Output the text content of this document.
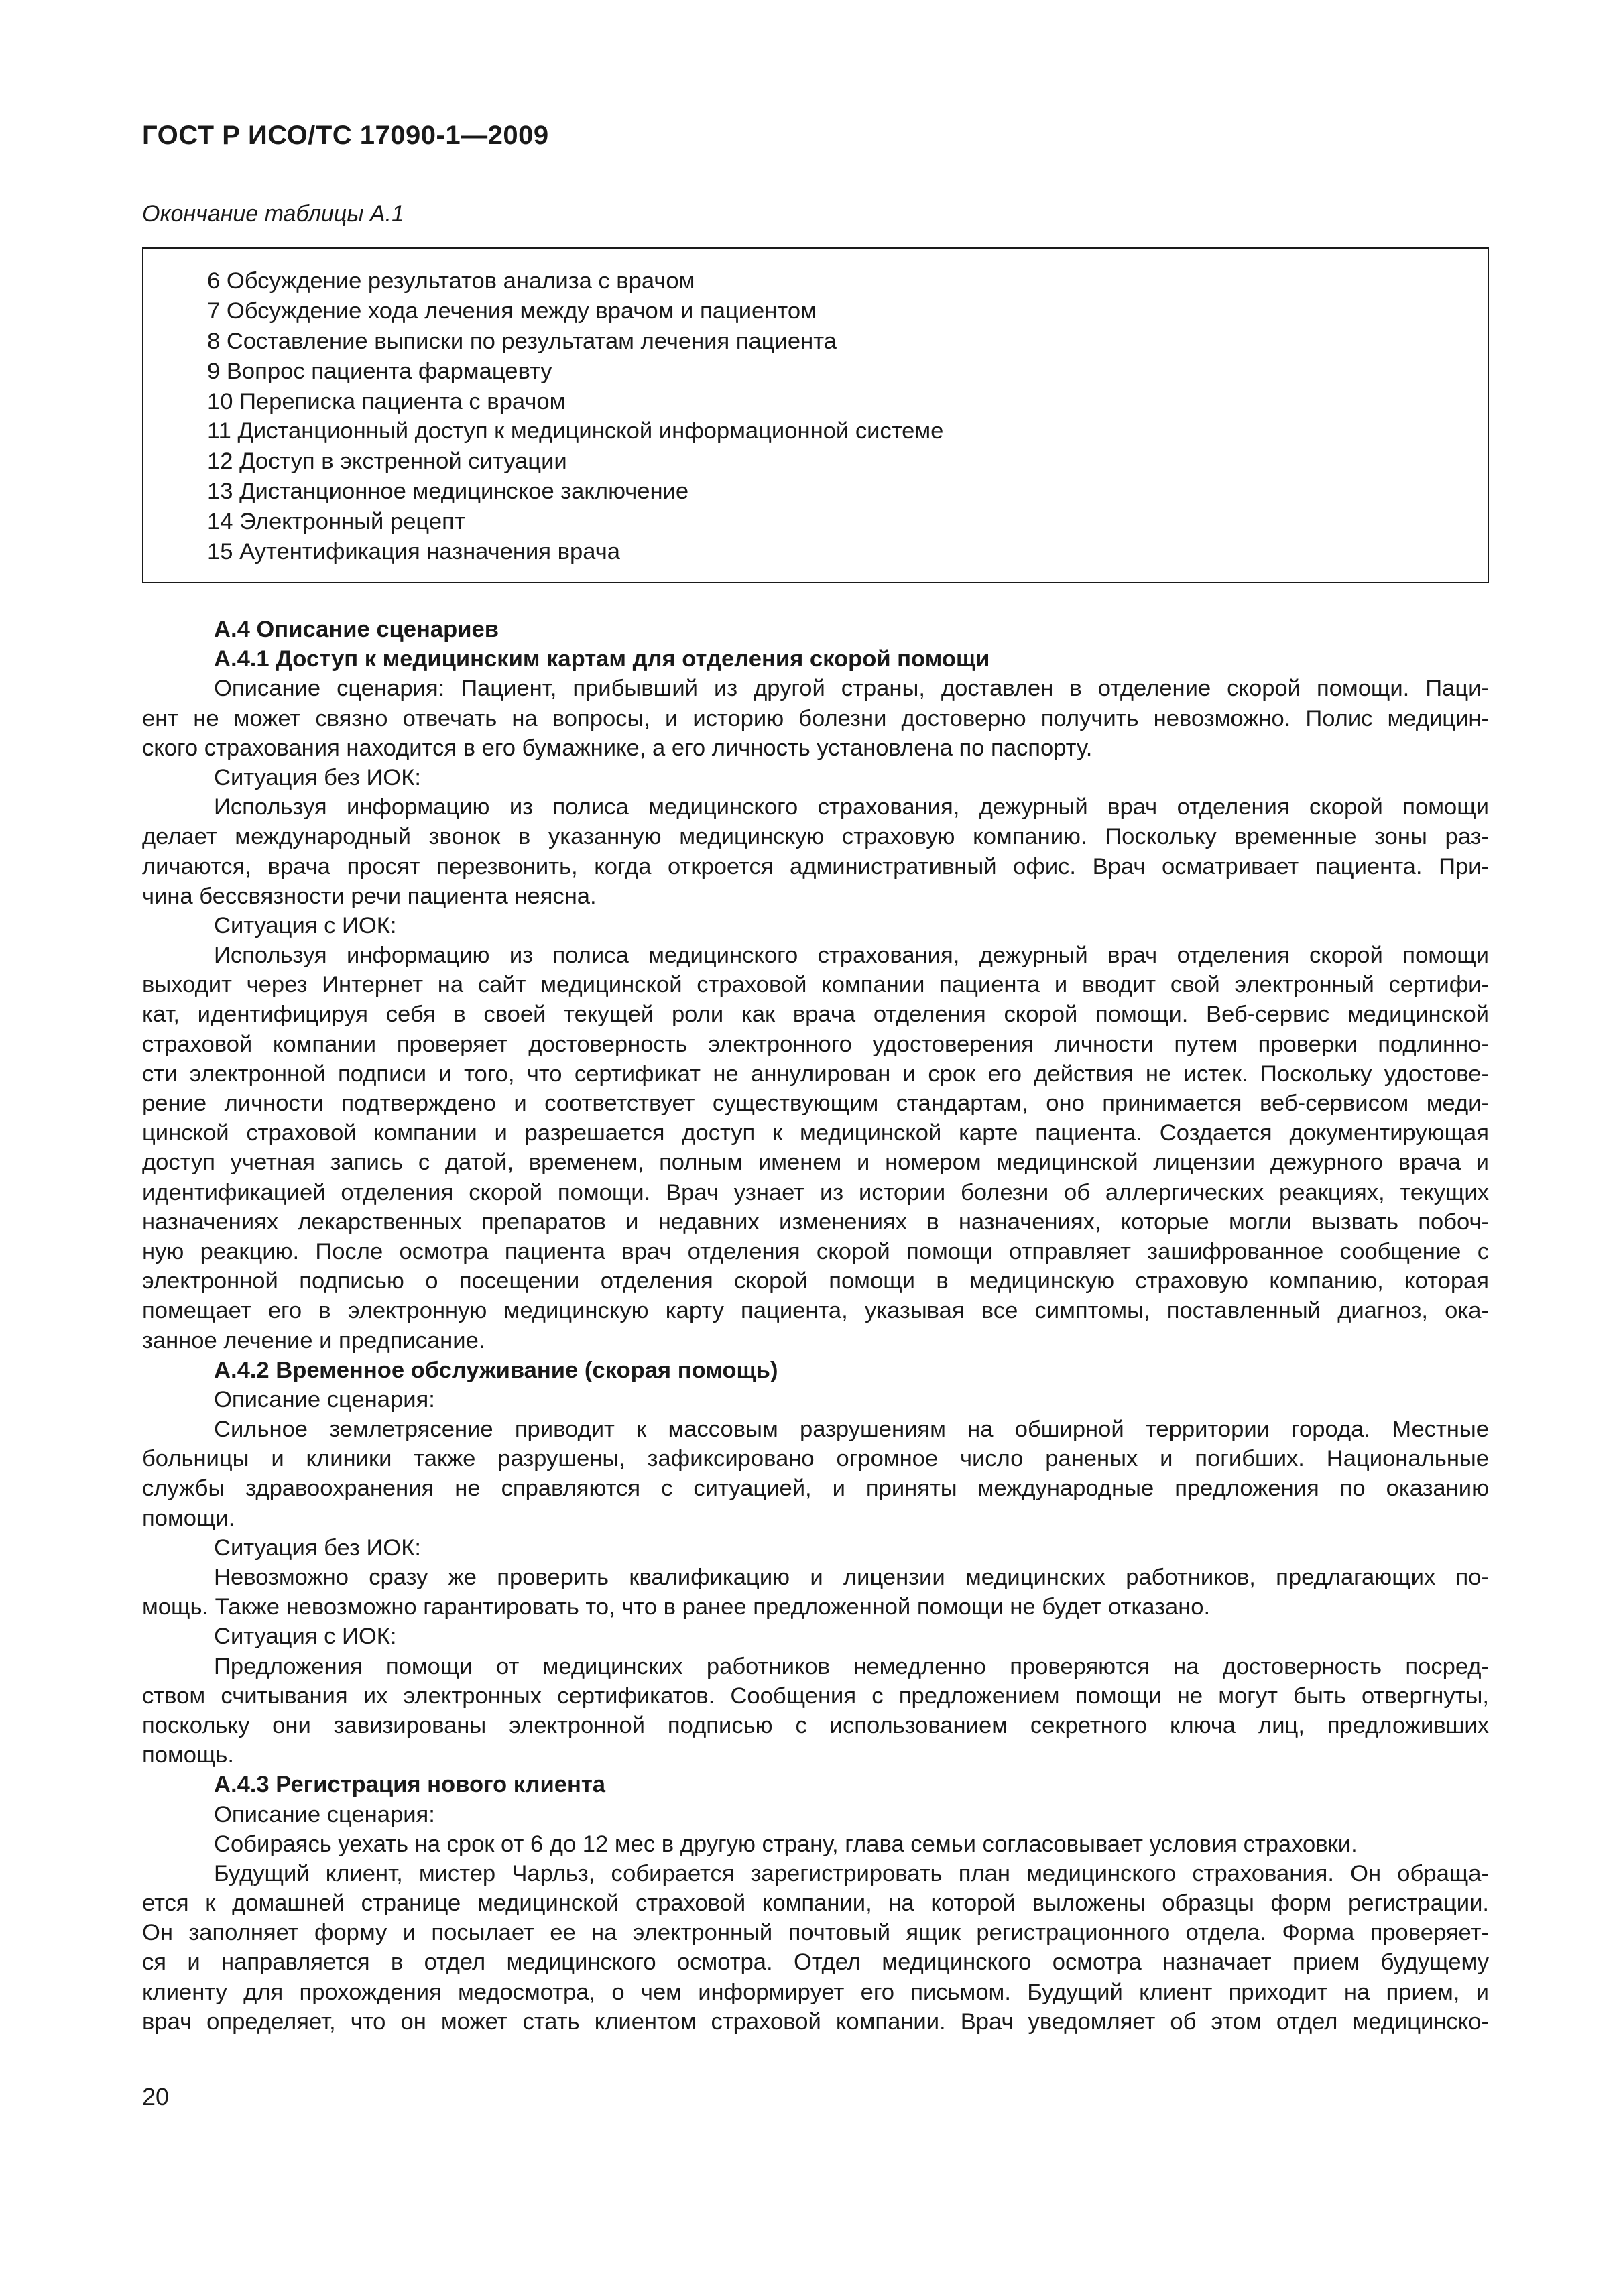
ГОСТ Р ИСО/ТС 17090-1—2009
Окончание таблицы А.1
6 Обсуждение результатов анализа с врачом
7 Обсуждение хода лечения между врачом и пациентом
8 Составление выписки по результатам лечения пациента
9 Вопрос пациента фармацевту
10 Переписка пациента с врачом
11 Дистанционный доступ к медицинской информационной системе
12 Доступ в экстренной ситуации
13 Дистанционное медицинское заключение
14 Электронный рецепт
15 Аутентификация назначения врача
А.4 Описание сценариев
А.4.1 Доступ к медицинским картам для отделения скорой помощи
Описание сценария: Пациент, прибывший из другой страны, доставлен в отделение скорой помощи. Паци-
ент не может связно отвечать на вопросы, и историю болезни достоверно получить невозможно. Полис медицин-
ского страхования находится в его бумажнике, а его личность установлена по паспорту.
Ситуация без ИОК:
Используя информацию из полиса медицинского страхования, дежурный врач отделения скорой помощи
делает международный звонок в указанную медицинскую страховую компанию. Поскольку временные зоны раз-
личаются, врача просят перезвонить, когда откроется административный офис. Врач осматривает пациента. При-
чина бессвязности речи пациента неясна.
Ситуация с ИОК:
Используя информацию из полиса медицинского страхования, дежурный врач отделения скорой помощи
выходит через Интернет на сайт медицинской страховой компании пациента и вводит свой электронный сертифи-
кат, идентифицируя себя в своей текущей роли как врача отделения скорой помощи. Веб-сервис медицинской
страховой компании проверяет достоверность электронного удостоверения личности путем проверки подлинно-
сти электронной подписи и того, что сертификат не аннулирован и срок его действия не истек. Поскольку удостове-
рение личности подтверждено и соответствует существующим стандартам, оно принимается веб-сервисом меди-
цинской страховой компании и разрешается доступ к медицинской карте пациента. Создается документирующая
доступ учетная запись с датой, временем, полным именем и номером медицинской лицензии дежурного врача и
идентификацией отделения скорой помощи. Врач узнает из истории болезни об аллергических реакциях, текущих
назначениях лекарственных препаратов и недавних изменениях в назначениях, которые могли вызвать побоч-
ную реакцию. После осмотра пациента врач отделения скорой помощи отправляет зашифрованное сообщение с
электронной подписью о посещении отделения скорой помощи в медицинскую страховую компанию, которая
помещает его в электронную медицинскую карту пациента, указывая все симптомы, поставленный диагноз, ока-
занное лечение и предписание.
А.4.2 Временное обслуживание (скорая помощь)
Описание сценария:
Сильное землетрясение приводит к массовым разрушениям на обширной территории города. Местные
больницы и клиники также разрушены, зафиксировано огромное число раненых и погибших. Национальные
службы здравоохранения не справляются с ситуацией, и приняты международные предложения по оказанию
помощи.
Ситуация без ИОК:
Невозможно сразу же проверить квалификацию и лицензии медицинских работников, предлагающих по-
мощь. Также невозможно гарантировать то, что в ранее предложенной помощи не будет отказано.
Ситуация с ИОК:
Предложения помощи от медицинских работников немедленно проверяются на достоверность посред-
ством считывания их электронных сертификатов. Сообщения с предложением помощи не могут быть отвергнуты,
поскольку они завизированы электронной подписью с использованием секретного ключа лиц, предложивших
помощь.
А.4.3 Регистрация нового клиента
Описание сценария:
Собираясь уехать на срок от 6 до 12 мес в другую страну, глава семьи согласовывает условия страховки.
Будущий клиент, мистер Чарльз, собирается зарегистрировать план медицинского страхования. Он обраща-
ется к домашней странице медицинской страховой компании, на которой выложены образцы форм регистрации.
Он заполняет форму и посылает ее на электронный почтовый ящик регистрационного отдела. Форма проверяет-
ся и направляется в отдел медицинского осмотра. Отдел медицинского осмотра назначает прием будущему
клиенту для прохождения медосмотра, о чем информирует его письмом. Будущий клиент приходит на прием, и
врач определяет, что он может стать клиентом страховой компании. Врач уведомляет об этом отдел медицинско-
20
